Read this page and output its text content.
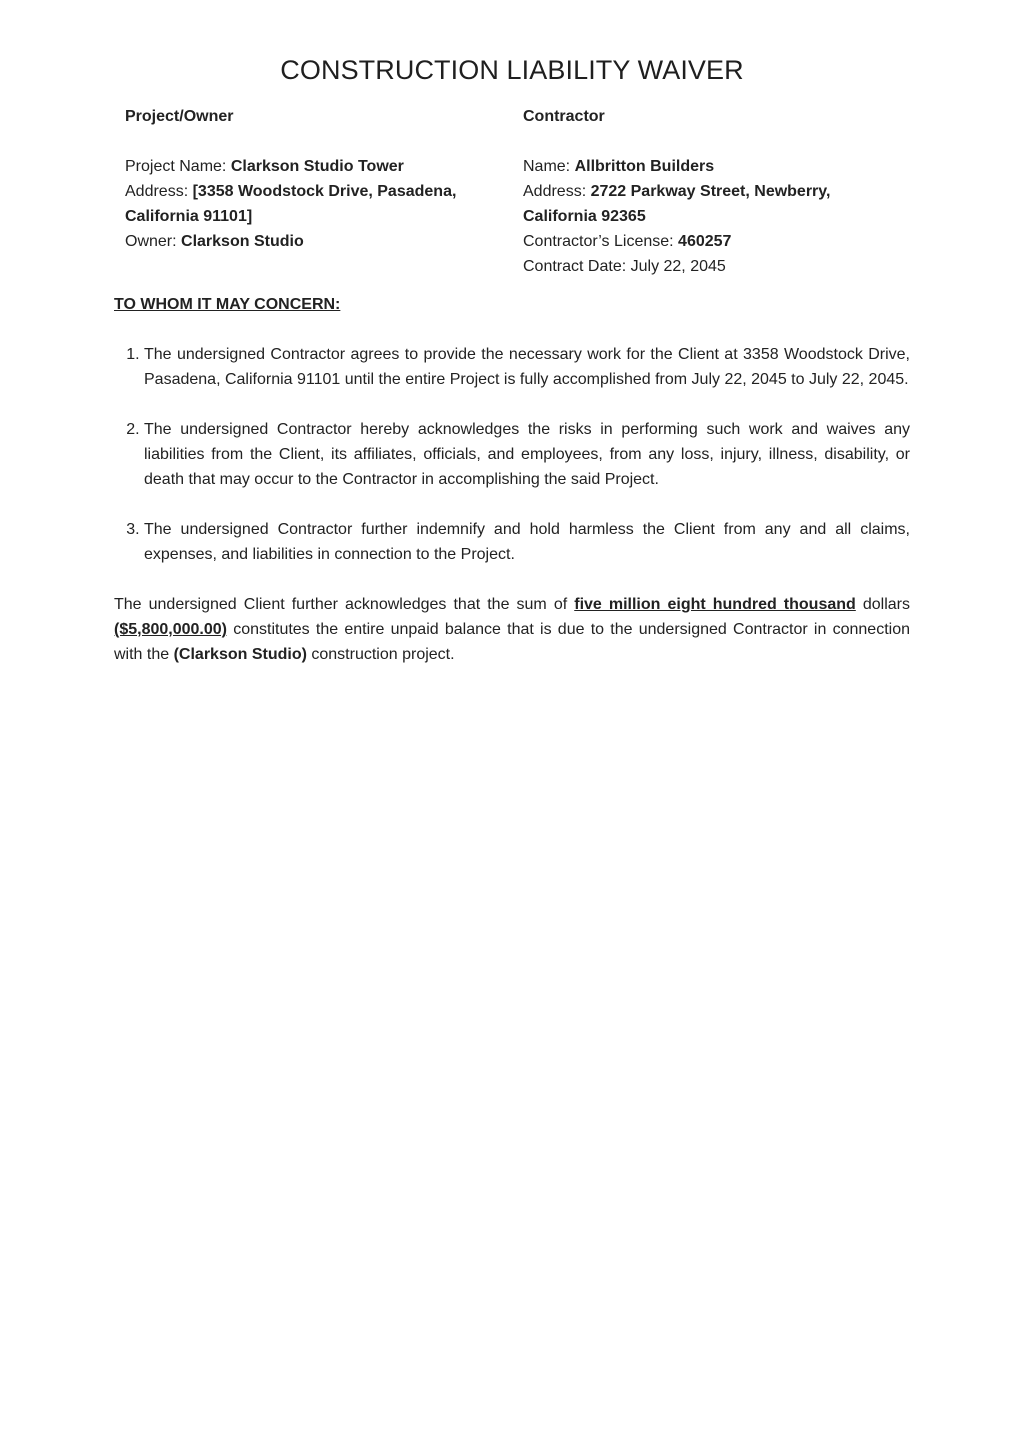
CONSTRUCTION LIABILITY WAIVER
Project/Owner
Project Name: Clarkson Studio Tower
Address: [3358 Woodstock Drive, Pasadena, California 91101]
Owner: Clarkson Studio

Contractor
Name: Allbritton Builders
Address: 2722 Parkway Street, Newberry, California 92365
Contractor’s License: 460257
Contract Date: July 22, 2045

TO WHOM IT MAY CONCERN:

1. The undersigned Contractor agrees to provide the necessary work for the Client at 3358 Woodstock Drive, Pasadena, California 91101 until the entire Project is fully accomplished from July 22, 2045 to July 22, 2045.
2. The undersigned Contractor hereby acknowledges the risks in performing such work and waives any liabilities from the Client, its affiliates, officials, and employees, from any loss, injury, illness, disability, or death that may occur to the Contractor in accomplishing the said Project.
3. The undersigned Contractor further indemnify and hold harmless the Client from any and all claims, expenses, and liabilities in connection to the Project.

The undersigned Client further acknowledges that the sum of five million eight hundred thousand dollars ($5,800,000.00) constitutes the entire unpaid balance that is due to the undersigned Contractor in connection with the (Clarkson Studio) construction project.
